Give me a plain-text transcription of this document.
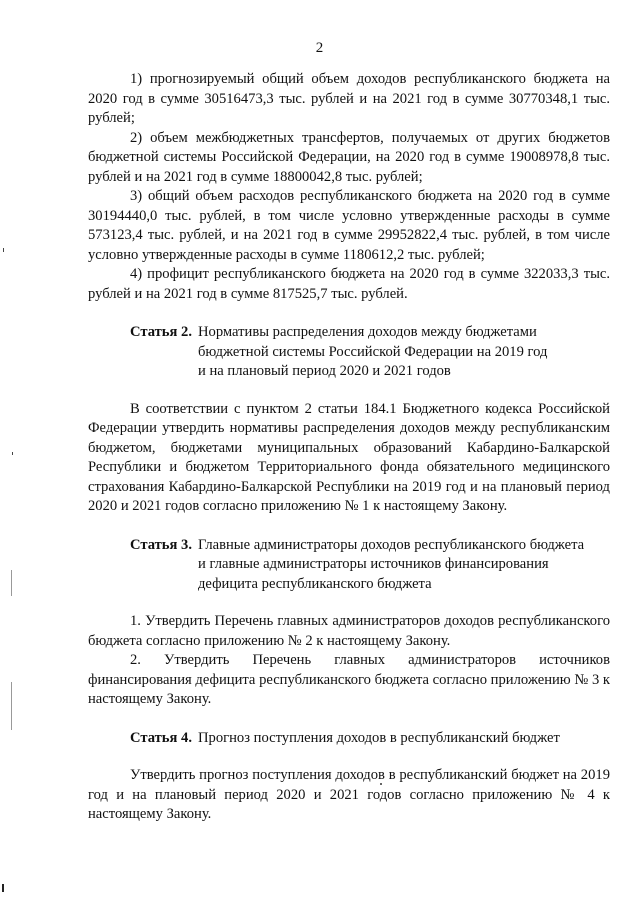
2

1) прогнозируемый общий объем доходов республиканского бюджета на 2020 год в сумме 30516473,3 тыс. рублей и на 2021 год в сумме 30770348,1 тыс. рублей;

2) объем межбюджетных трансфертов, получаемых от других бюджетов бюджетной системы Российской Федерации, на 2020 год в сумме 19008978,8 тыс. рублей и на 2021 год в сумме 18800042,8 тыс. рублей;

3) общий объем расходов республиканского бюджета на 2020 год в сумме 30194440,0 тыс. рублей, в том числе условно утвержденные расходы в сумме 573123,4 тыс. рублей, и на 2021 год в сумме 29952822,4 тыс. рублей, в том числе условно утвержденные расходы в сумме 1180612,2 тыс. рублей;

4) профицит республиканского бюджета на 2020 год в сумме 322033,3 тыс. рублей и на 2021 год в сумме 817525,7 тыс. рублей.

Статья 2. Нормативы распределения доходов между бюджетами
бюджетной системы Российской Федерации на 2019 год
и на плановый период 2020 и 2021 годов

В соответствии с пунктом 2 статьи 184.1 Бюджетного кодекса Российской Федерации утвердить нормативы распределения доходов между республиканским бюджетом, бюджетами муниципальных образований Кабардино-Балкарской Республики и бюджетом Территориального фонда обязательного медицинского страхования Кабардино-Балкарской Республики на 2019 год и на плановый период 2020 и 2021 годов согласно приложению № 1 к настоящему Закону.

Статья 3. Главные администраторы доходов республиканского бюджета
и главные администраторы источников финансирования
дефицита республиканского бюджета

1. Утвердить Перечень главных администраторов доходов республиканского бюджета согласно приложению № 2 к настоящему Закону.

2. Утвердить Перечень главных администраторов источников финансирования дефицита республиканского бюджета согласно приложению № 3 к настоящему Закону.

Статья 4. Прогноз поступления доходов в республиканский бюджет

Утвердить прогноз поступления доходов в республиканский бюджет на 2019 год и на плановый период 2020 и 2021 годов согласно приложению № 4 к настоящему Закону.
